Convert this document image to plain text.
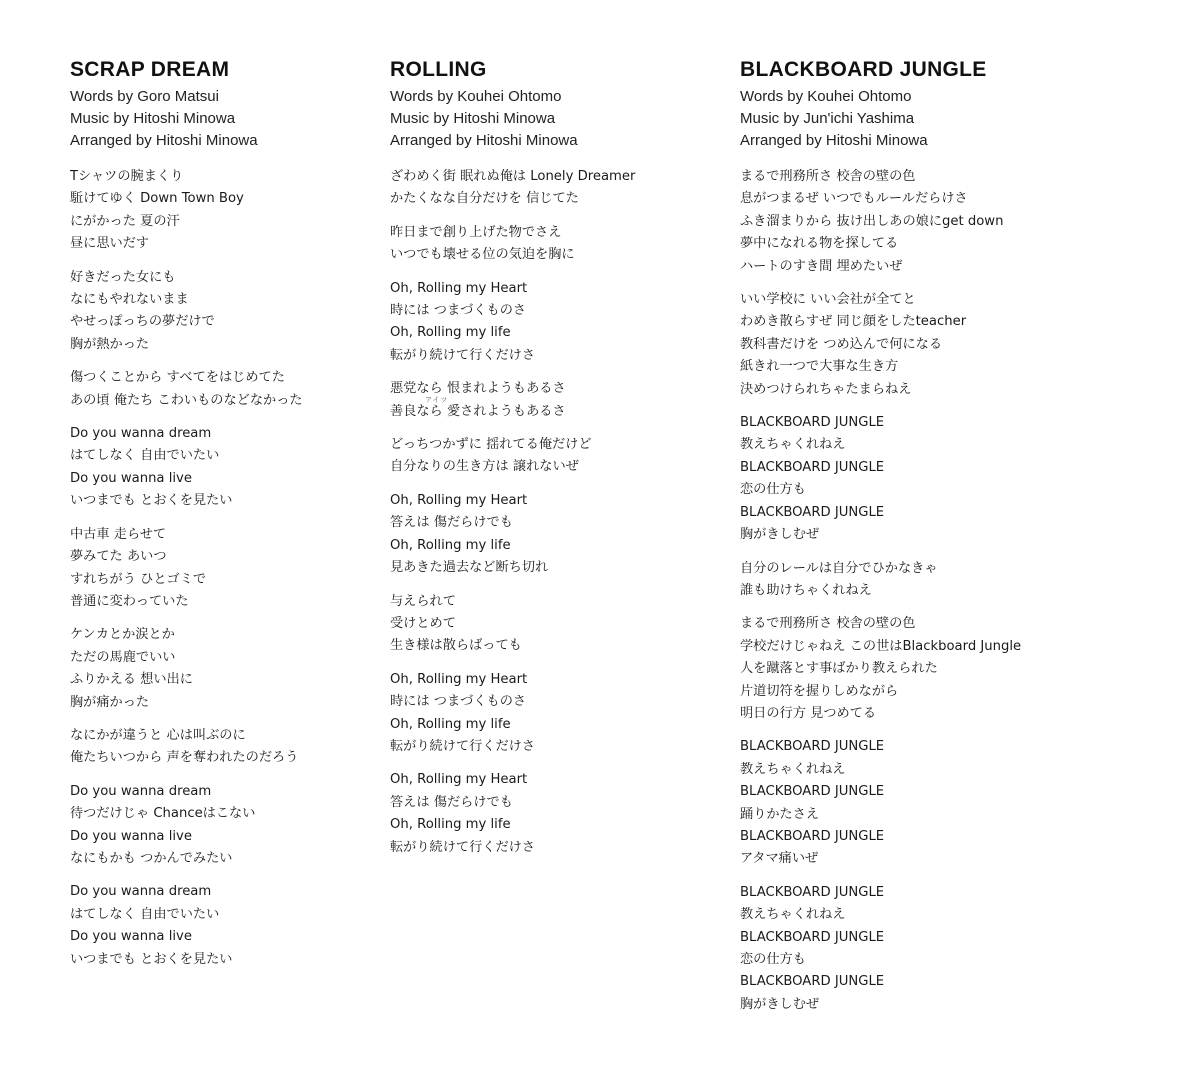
SCRAP DREAM
Words by Goro Matsui
Music by Hitoshi Minowa
Arranged by Hitoshi Minowa
Tシャツの腕まくり
駈けてゆく Down Town Boy
にがかった 夏の汗
昼に思いだす
好きだった女にも
なにもやれないまま
やせっぽっちの夢だけで
胸が熱かった
傷つくことから すべてをはじめてた
あの頃 俺たち こわいものなどなかった
Do you wanna dream
はてしなく 自由でいたい
Do you wanna live
いつまでも とおくを見たい
中古車 走らせて
夢みてた あいつ
すれちがう ひとゴミで
普通に変わっていた
ケンカとか涙とか
ただの馬鹿でいい
ふりかえる 想い出に
胸が痛かった
なにかが違うと 心は叫ぶのに
俺たちいつから 声を奪われたのだろう
Do you wanna dream
待つだけじゃ Chanceはこない
Do you wanna live
なにもかも つかんでみたい
Do you wanna dream
はてしなく 自由でいたい
Do you wanna live
いつまでも とおくを見たい
ROLLING
Words by Kouhei Ohtomo
Music by Hitoshi Minowa
Arranged by Hitoshi Minowa
ざわめく街 眠れぬ俺は Lonely Dreamer
かたくなな自分だけを 信じてた
昨日まで創り上げた物でさえ
いつでも壊せる位の気迫を胸に
Oh, Rolling my Heart
時には つまづくものさ
Oh, Rolling my life
転がり続けて行くだけさ
悪党なら 恨まれようもあるさ
善良なら 愛されようもあるさ
どっちつかずに 揺れてる俺だけど
自分なりの生き方は 譲れないぜ
Oh, Rolling my Heart
答えは 傷だらけでも
Oh, Rolling my life
見あきた過去など断ち切れ
与えられて
受けとめて
生き様は散らばっても
Oh, Rolling my Heart
時には つまづくものさ
Oh, Rolling my life
転がり続けて行くだけさ
Oh, Rolling my Heart
答えは 傷だらけでも
Oh, Rolling my life
転がり続けて行くだけさ
BLACKBOARD JUNGLE
Words by Kouhei Ohtomo
Music by Jun'ichi Yashima
Arranged by Hitoshi Minowa
まるで刑務所さ 校舎の壁の色
息がつまるぜ いつでもルールだらけさ
ふき溜まりから 抜け出しあの娘にget down
夢中になれる物を探してる
ハートのすき間 埋めたいぜ
いい学校に いい会社が全てと
わめき散らすぜ 同じ顔をしたteacher
教科書だけを つめ込んで何になる
紙きれ一つで大事な生き方
決めつけられちゃたまらねえ
BLACKBOARD JUNGLE
教えちゃくれねえ
BLACKBOARD JUNGLE
恋の仕方も
BLACKBOARD JUNGLE
胸がきしむぜ
自分のレールは自分でひかなきゃ
誰も助けちゃくれねえ
まるで刑務所さ 校舎の壁の色
学校だけじゃねえ この世はBlackboard Jungle
人を蹴落とす事ばかり教えられた
片道切符を握りしめながら
明日の行方 見つめてる
BLACKBOARD JUNGLE
教えちゃくれねえ
BLACKBOARD JUNGLE
踊りかたさえ
BLACKBOARD JUNGLE
アタマ痛いぜ
BLACKBOARD JUNGLE
教えちゃくれねえ
BLACKBOARD JUNGLE
恋の仕方も
BLACKBOARD JUNGLE
胸がきしむぜ
アイツ
